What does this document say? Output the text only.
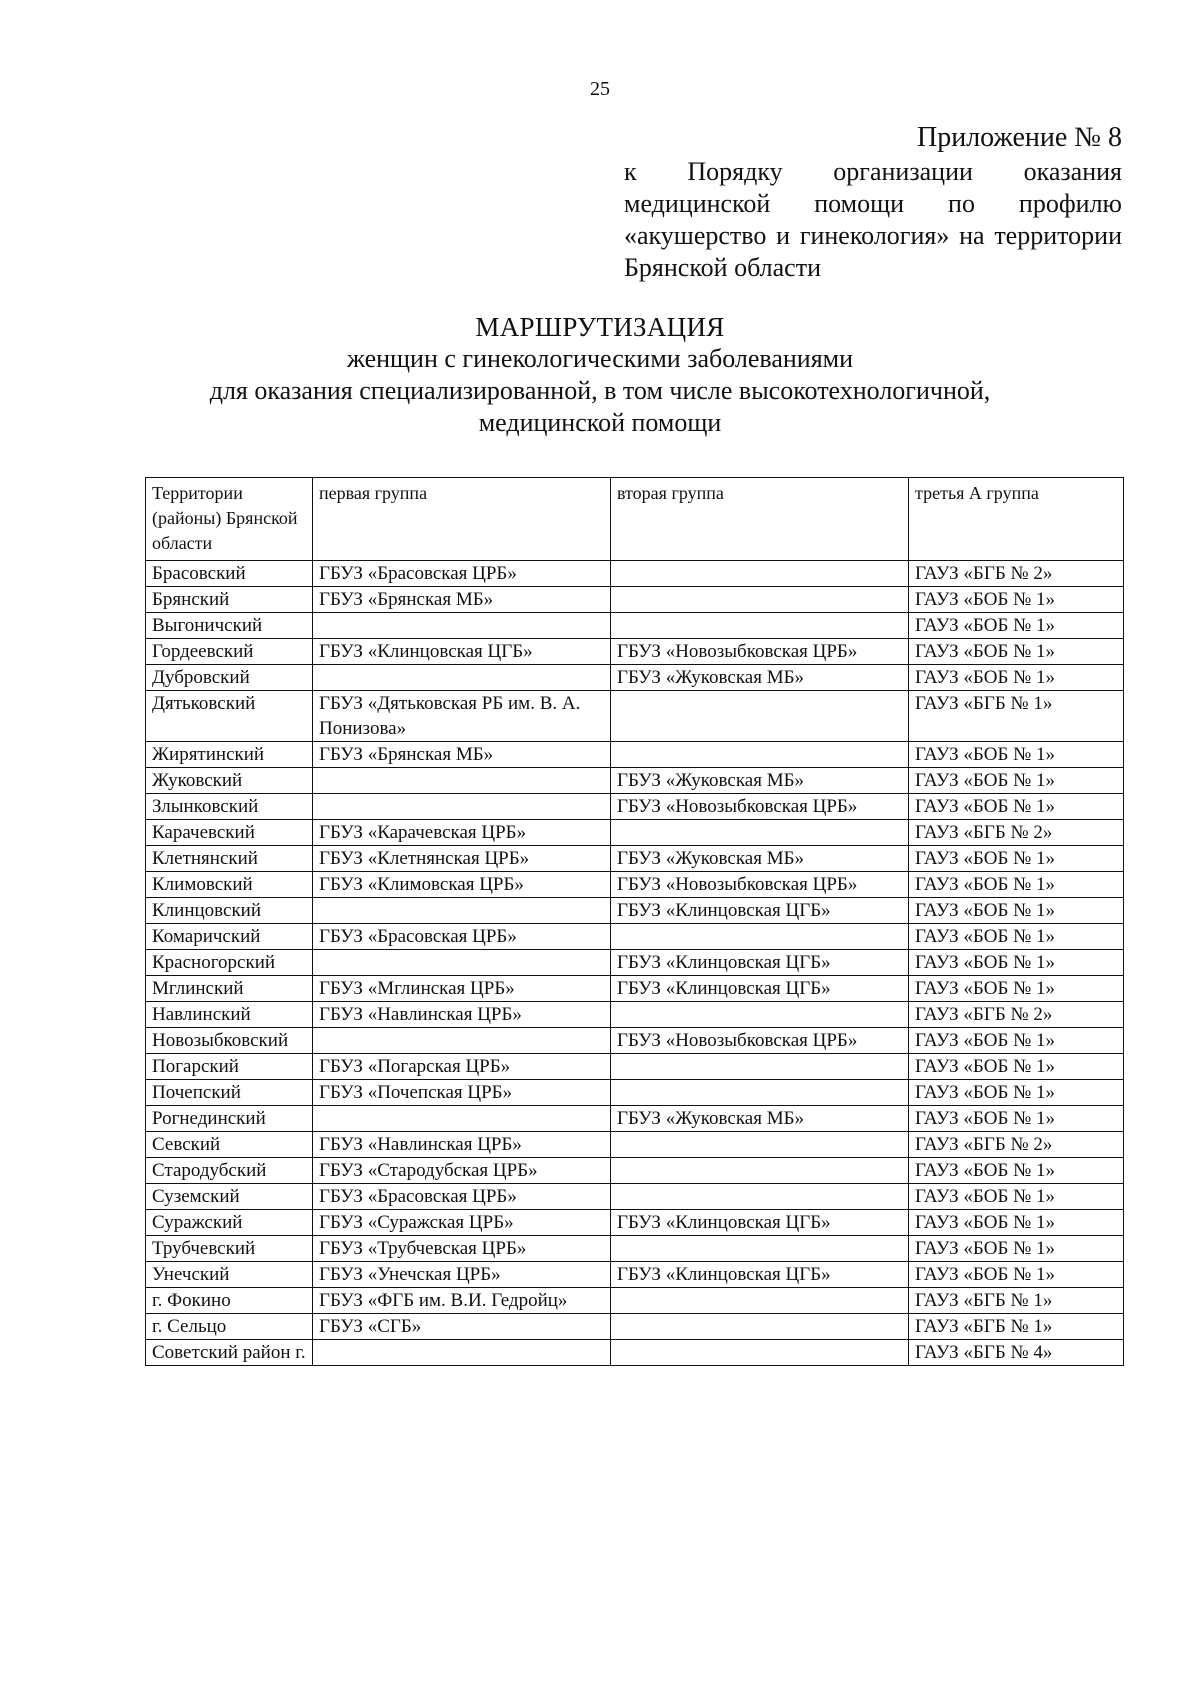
25
Приложение № 8
к Порядку организации оказания медицинской помощи по профилю «акушерство и гинекология» на территории Брянской области
МАРШРУТИЗАЦИЯ
женщин с гинекологическими заболеваниями
для оказания специализированной, в том числе высокотехнологичной,
медицинской помощи
Территории (районы) Брянской области	первая группа	вторая группа	третья А группа
Брасовский	ГБУЗ «Брасовская ЦРБ»		ГАУЗ «БГБ № 2»
Брянский	ГБУЗ «Брянская МБ»		ГАУЗ «БОБ № 1»
Выгоничский			ГАУЗ «БОБ № 1»
Гордеевский	ГБУЗ «Клинцовская ЦГБ»	ГБУЗ «Новозыбковская ЦРБ»	ГАУЗ «БОБ № 1»
Дубровский		ГБУЗ «Жуковская МБ»	ГАУЗ «БОБ № 1»
Дятьковский	ГБУЗ «Дятьковская РБ им. В. А. Понизова»		ГАУЗ «БГБ № 1»
Жирятинский	ГБУЗ «Брянская МБ»		ГАУЗ «БОБ № 1»
Жуковский		ГБУЗ «Жуковская МБ»	ГАУЗ «БОБ № 1»
Злынковский		ГБУЗ «Новозыбковская ЦРБ»	ГАУЗ «БОБ № 1»
Карачевский	ГБУЗ «Карачевская ЦРБ»		ГАУЗ «БГБ № 2»
Клетнянский	ГБУЗ «Клетнянская ЦРБ»	ГБУЗ «Жуковская МБ»	ГАУЗ «БОБ № 1»
Климовский	ГБУЗ «Климовская ЦРБ»	ГБУЗ «Новозыбковская ЦРБ»	ГАУЗ «БОБ № 1»
Клинцовский		ГБУЗ «Клинцовская ЦГБ»	ГАУЗ «БОБ № 1»
Комаричский	ГБУЗ «Брасовская ЦРБ»		ГАУЗ «БОБ № 1»
Красногорский		ГБУЗ «Клинцовская ЦГБ»	ГАУЗ «БОБ № 1»
Мглинский	ГБУЗ «Мглинская ЦРБ»	ГБУЗ «Клинцовская ЦГБ»	ГАУЗ «БОБ № 1»
Навлинский	ГБУЗ «Навлинская ЦРБ»		ГАУЗ «БГБ № 2»
Новозыбковский		ГБУЗ «Новозыбковская ЦРБ»	ГАУЗ «БОБ № 1»
Погарский	ГБУЗ «Погарская ЦРБ»		ГАУЗ «БОБ № 1»
Почепский	ГБУЗ «Почепская ЦРБ»		ГАУЗ «БОБ № 1»
Рогнединский		ГБУЗ «Жуковская МБ»	ГАУЗ «БОБ № 1»
Севский	ГБУЗ «Навлинская ЦРБ»		ГАУЗ «БГБ № 2»
Стародубский	ГБУЗ «Стародубская ЦРБ»		ГАУЗ «БОБ № 1»
Суземский	ГБУЗ «Брасовская ЦРБ»		ГАУЗ «БОБ № 1»
Суражский	ГБУЗ «Суражская ЦРБ»	ГБУЗ «Клинцовская ЦГБ»	ГАУЗ «БОБ № 1»
Трубчевский	ГБУЗ «Трубчевская ЦРБ»		ГАУЗ «БОБ № 1»
Унечский	ГБУЗ «Унечская ЦРБ»	ГБУЗ «Клинцовская ЦГБ»	ГАУЗ «БОБ № 1»
г. Фокино	ГБУЗ «ФГБ им. В.И. Гедройц»		ГАУЗ «БГБ № 1»
г. Сельцо	ГБУЗ «СГБ»		ГАУЗ «БГБ № 1»
Советский район г.			ГАУЗ «БГБ № 4»
